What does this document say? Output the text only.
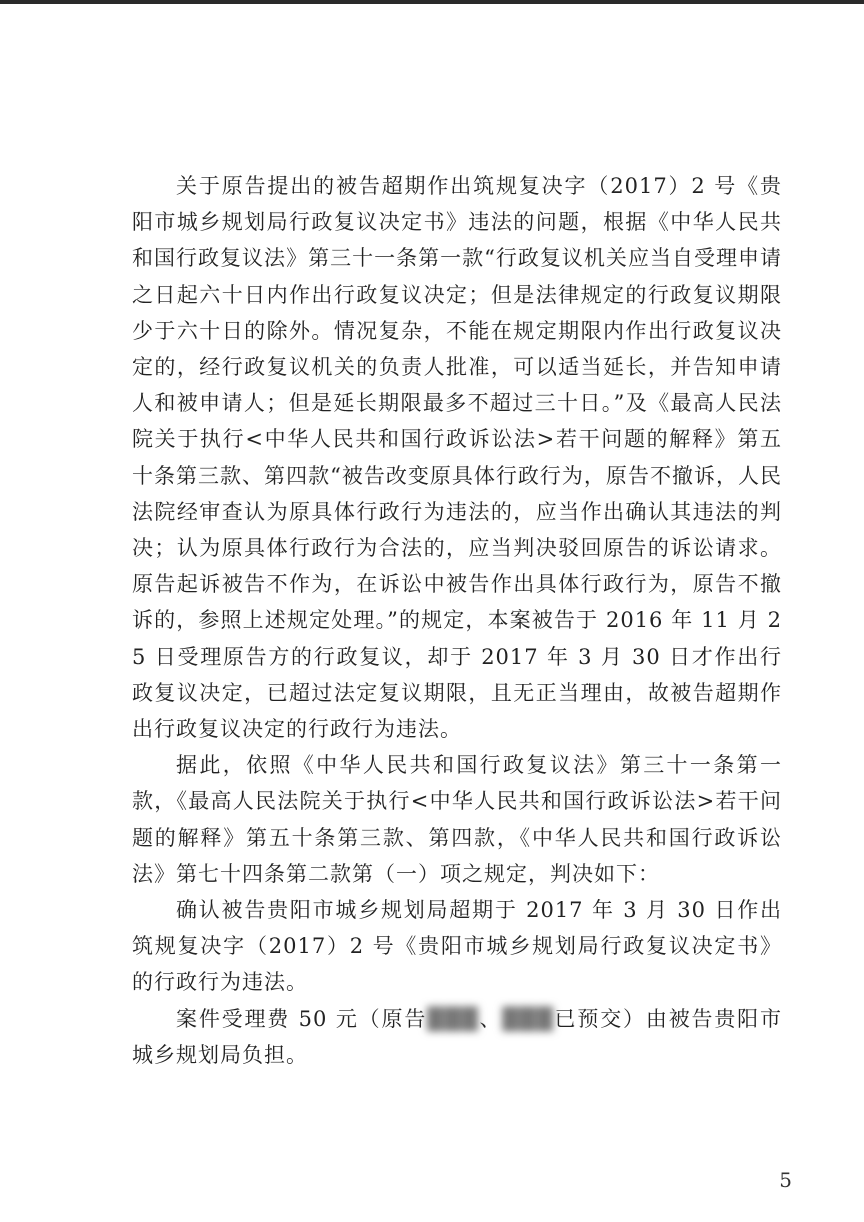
关于原告提出的被告超期作出筑规复决字（2017）2 号《贵阳市城乡规划局行政复议决定书》违法的问题，根据《中华人民共和国行政复议法》第三十一条第一款“行政复议机关应当自受理申请之日起六十日内作出行政复议决定；但是法律规定的行政复议期限少于六十日的除外。情况复杂，不能在规定期限内作出行政复议决定的，经行政复议机关的负责人批准，可以适当延长，并告知申请人和被申请人；但是延长期限最多不超过三十日。”及《最高人民法院关于执行<中华人民共和国行政诉讼法>若干问题的解释》第五十条第三款、第四款“被告改变原具体行政行为，原告不撤诉，人民法院经审查认为原具体行政行为违法的，应当作出确认其违法的判决；认为原具体行政行为合法的，应当判决驳回原告的诉讼请求。原告起诉被告不作为，在诉讼中被告作出具体行政行为，原告不撤诉的，参照上述规定处理。”的规定，本案被告于 2016 年 11 月 25 日受理原告方的行政复议，却于 2017 年 3 月 30 日才作出行政复议决定，已超过法定复议期限，且无正当理由，故被告超期作出行政复议决定的行政行为违法。

据此，依照《中华人民共和国行政复议法》第三十一条第一款，《最高人民法院关于执行<中华人民共和国行政诉讼法>若干问题的解释》第五十条第三款、第四款，《中华人民共和国行政诉讼法》第七十四条第二款第（一）项之规定，判决如下：

确认被告贵阳市城乡规划局超期于 2017 年 3 月 30 日作出筑规复决字（2017）2 号《贵阳市城乡规划局行政复议决定书》的行政行为违法。

案件受理费 50 元（原告███、███已预交）由被告贵阳市城乡规划局负担。

5
